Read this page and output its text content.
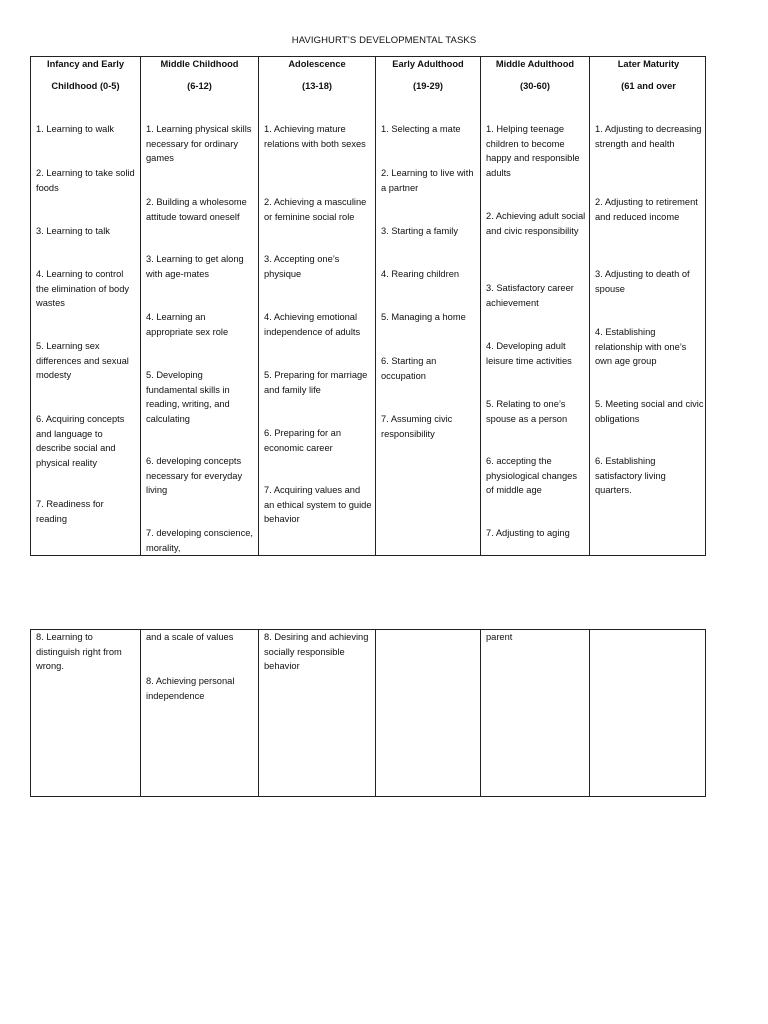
HAVIGHURT’S DEVELOPMENTAL TASKS
Infancy and Early
Childhood (0-5)
1. Learning to walk
2. Learning to take solid foods
3. Learning to talk
4. Learning to control the elimination of body wastes
5. Learning sex differences and sexual modesty
6. Acquiring concepts and language to describe social and physical reality
7. Readiness for reading
Middle Childhood
(6-12)
1. Learning physical skills necessary for ordinary games
2. Building a wholesome attitude toward oneself
3. Learning to get along with age-mates
4. Learning an appropriate sex role
5. Developing fundamental skills in reading, writing, and calculating
6. developing concepts necessary for everyday living
7. developing conscience, morality,
Adolescence
(13-18)
1. Achieving mature relations with both sexes
2. Achieving a masculine or feminine social role
3. Accepting one’s physique
4. Achieving emotional independence of adults
5. Preparing for marriage and family life
6. Preparing for an economic career
7. Acquiring values and an ethical system to guide behavior
Early Adulthood
(19-29)
1. Selecting a mate
2. Learning to live with a partner
3. Starting a family
4. Rearing children
5. Managing a home
6. Starting an occupation
7. Assuming civic responsibility
Middle Adulthood
(30-60)
1. Helping teenage children to become happy and responsible adults
2. Achieving adult social and civic responsibility
3. Satisfactory career achievement
4. Developing adult leisure time activities
5. Relating to one’s spouse as a person
6. accepting the physiological changes of middle age
7. Adjusting to aging
Later Maturity
(61 and over
1. Adjusting to decreasing strength and health
2. Adjusting to retirement and reduced income
3. Adjusting to death of spouse
4. Establishing relationship with one’s own age group
5. Meeting social and civic obligations
6. Establishing satisfactory living quarters.
8. Learning to distinguish right from wrong.
and a scale of values
8. Achieving personal independence
8. Desiring and achieving socially responsible behavior
parent
